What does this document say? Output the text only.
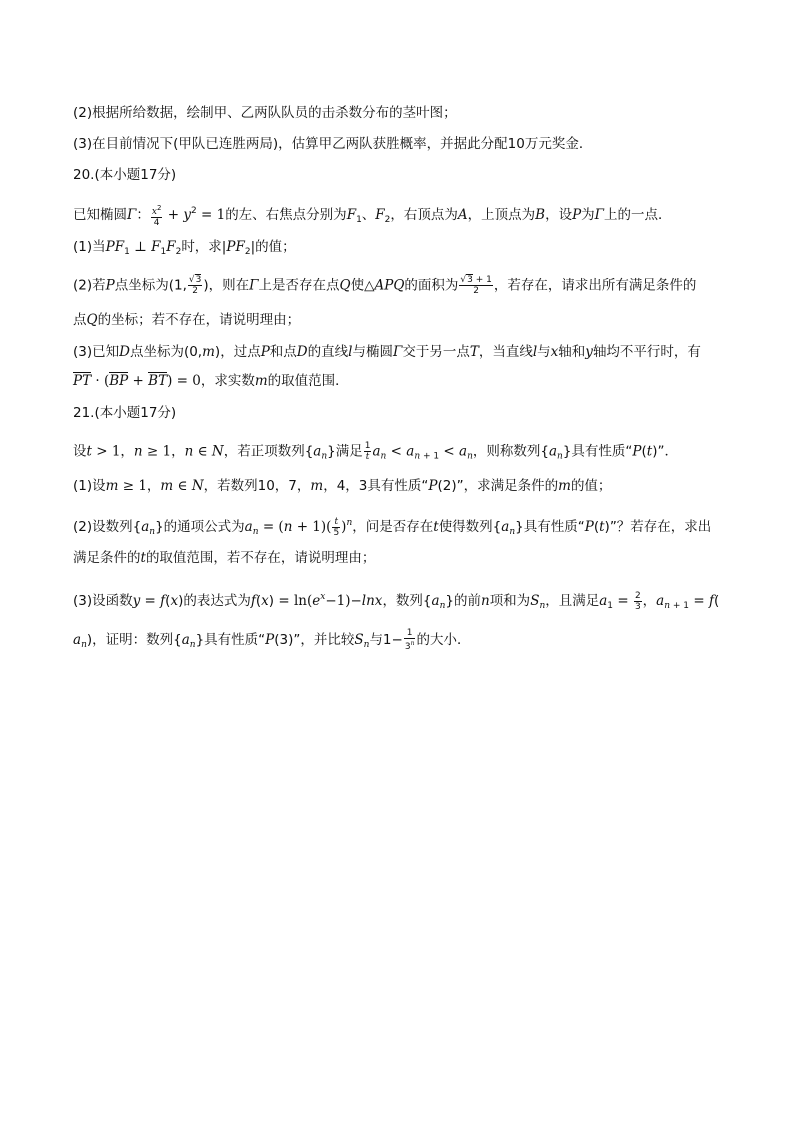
(2)根据所给数据，绘制甲、乙两队队员的击杀数分布的茎叶图；
(3)在目前情况下(甲队已连胜两局)，估算甲乙两队获胜概率，并据此分配10万元奖金．
20.(本小题17分)
已知椭圆Γ： $\frac{x^2}{4} + y^2 = 1$的左、右焦点分别为$F_1$、$F_2$，右顶点为A，上顶点为B，设P为Γ上的一点．
(1)当$PF_1$ ⊥ $F_1F_2$时，求$|PF_2|$的值；
(2)若P点坐标为(1, $\frac{√3}{2}$ )，则在Γ上是否存在点Q使△APQ的面积为 $\frac{√3 + 1}{2}$ ，若存在，请求出所有满足条件的
点Q的坐标；若不存在，请说明理由；
(3)已知D点坐标为(0,m)，过点P和点D的直线l与椭圆Γ交于另一点T，当直线l与x轴和y轴均不平行时，有
PT · (BP + BT) = 0，求实数m的取值范围．
21.(本小题17分)
设t > 1，n ≥ 1，n ∈ N，若正项数列$\{a_n\}$满足 $\frac{1}{t} a_n < a_{n + 1} < a_n$，则称数列$\{a_n\}$具有性质“P(t)”．
(1)设m ≥ 1，m ∈ N，若数列10，7，m，4，3具有性质“P(2)”，求满足条件的m的值；
(2)设数列$\{a_n\}$的通项公式为$a_n = (n + 1)( \frac{t}{5} )^n$，问是否存在t使得数列$\{a_n\}$具有性质“P(t)”？若存在，求出
满足条件的t的取值范围，若不存在，请说明理由；
(3)设函数y = f(x)的表达式为$f(x) = \ln(e^x-1)-\ln x$，数列$\{a_n\}$的前n项和为$S_n$，且满足$a_1 = \frac{2}{3}$ ，$a_{n + 1} = f$(
$a_n$)，证明：数列$\{a_n\}$具有性质“P(3)”，并比较$S_n$与$1- \frac{1}{3^n}$ 的大小．
